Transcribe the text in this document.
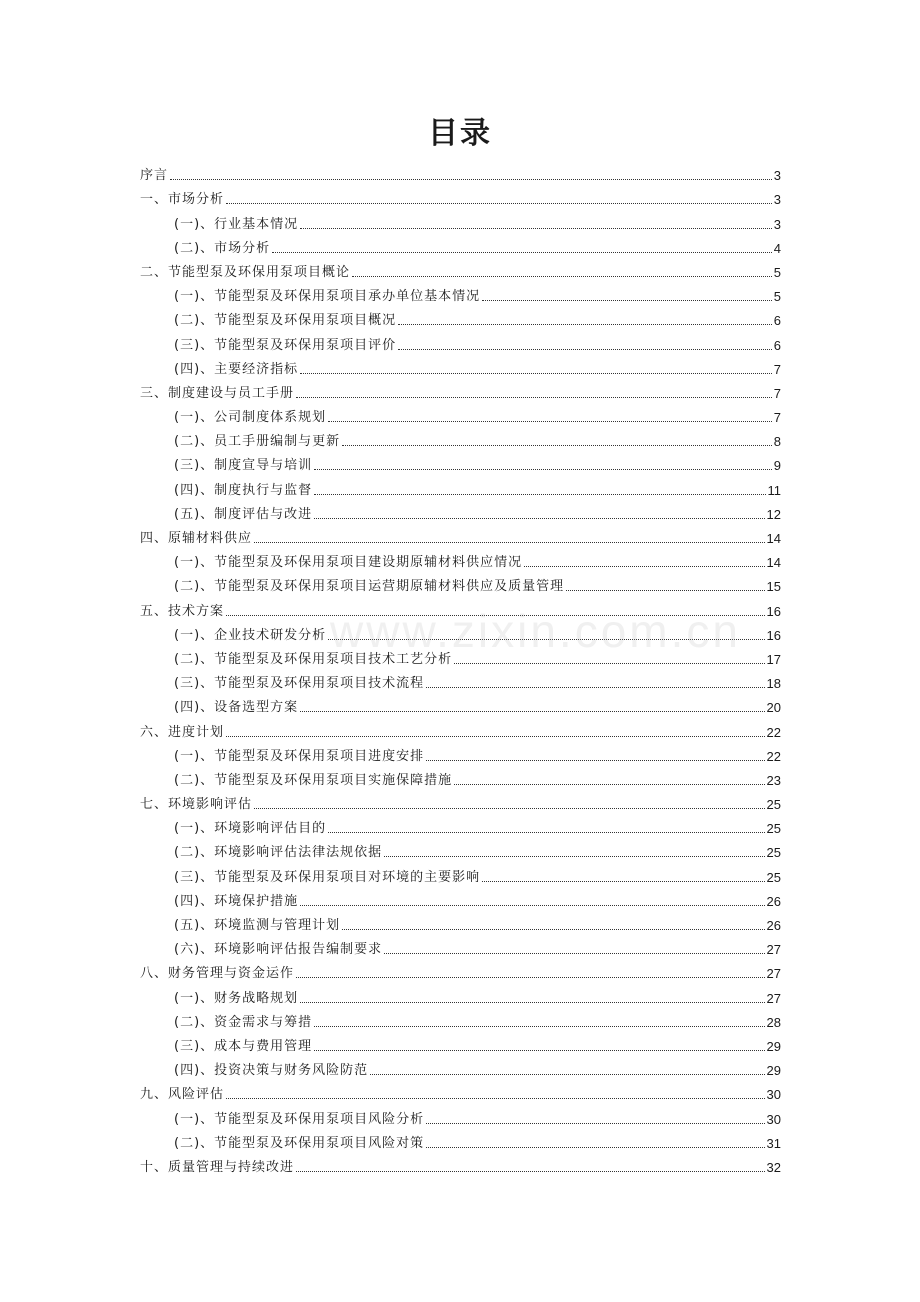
目录
序言	3
一、市场分析	3
(一)、行业基本情况	3
(二)、市场分析	4
二、节能型泵及环保用泵项目概论	5
(一)、节能型泵及环保用泵项目承办单位基本情况	5
(二)、节能型泵及环保用泵项目概况	6
(三)、节能型泵及环保用泵项目评价	6
(四)、主要经济指标	7
三、制度建设与员工手册	7
(一)、公司制度体系规划	7
(二)、员工手册编制与更新	8
(三)、制度宣导与培训	9
(四)、制度执行与监督	11
(五)、制度评估与改进	12
四、原辅材料供应	14
(一)、节能型泵及环保用泵项目建设期原辅材料供应情况	14
(二)、节能型泵及环保用泵项目运营期原辅材料供应及质量管理	15
五、技术方案	16
(一)、企业技术研发分析	16
(二)、节能型泵及环保用泵项目技术工艺分析	17
(三)、节能型泵及环保用泵项目技术流程	18
(四)、设备选型方案	20
六、进度计划	22
(一)、节能型泵及环保用泵项目进度安排	22
(二)、节能型泵及环保用泵项目实施保障措施	23
七、环境影响评估	25
(一)、环境影响评估目的	25
(二)、环境影响评估法律法规依据	25
(三)、节能型泵及环保用泵项目对环境的主要影响	25
(四)、环境保护措施	26
(五)、环境监测与管理计划	26
(六)、环境影响评估报告编制要求	27
八、财务管理与资金运作	27
(一)、财务战略规划	27
(二)、资金需求与筹措	28
(三)、成本与费用管理	29
(四)、投资决策与财务风险防范	29
九、风险评估	30
(一)、节能型泵及环保用泵项目风险分析	30
(二)、节能型泵及环保用泵项目风险对策	31
十、质量管理与持续改进	32
www.zixin.com.cn
